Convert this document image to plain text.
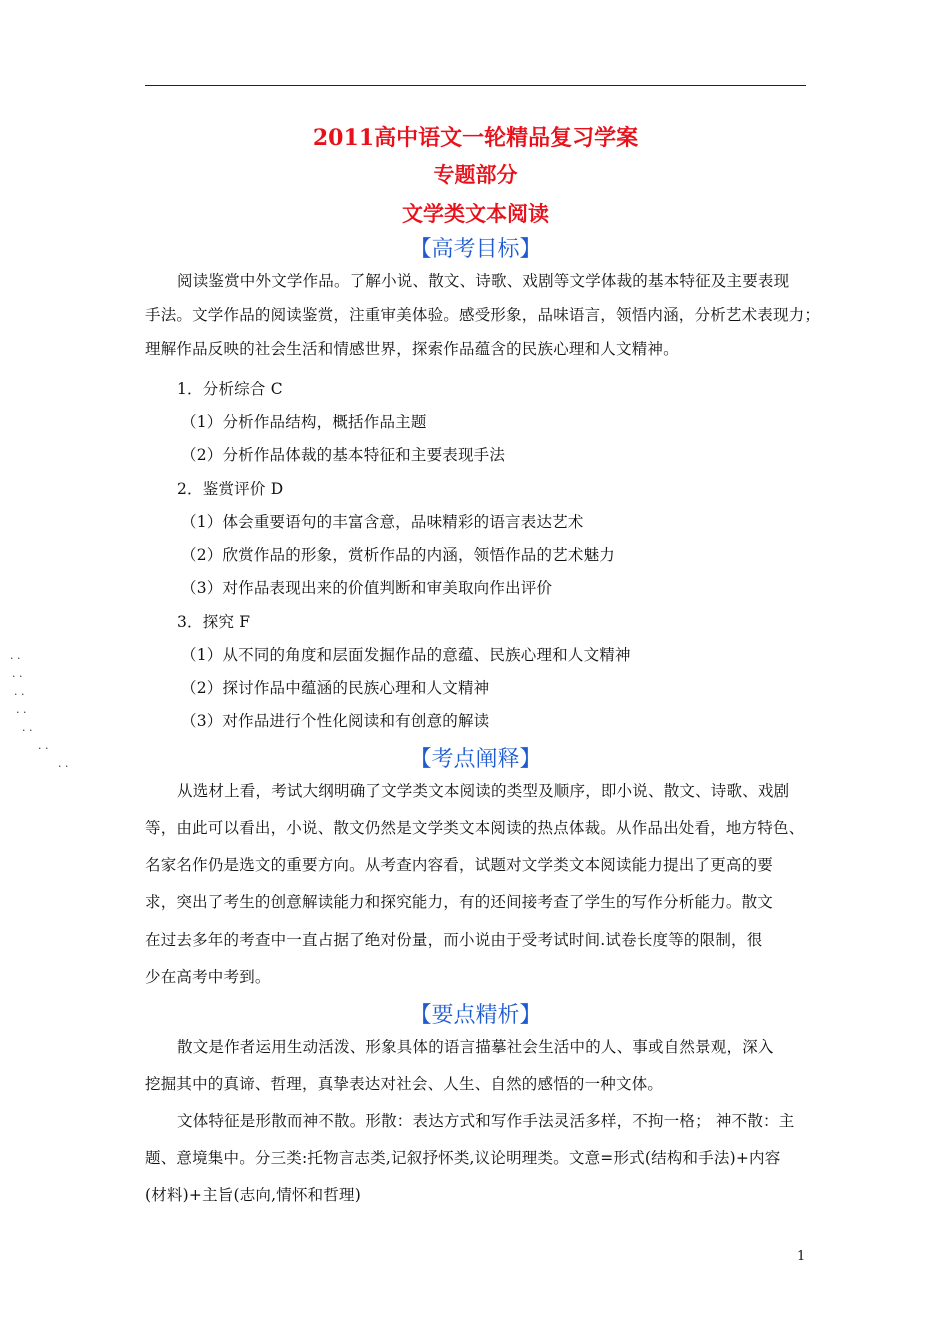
2011高中语文一轮精品复习学案
专题部分
文学类文本阅读
【高考目标】
阅读鉴赏中外文学作品。了解小说、散文、诗歌、戏剧等文学体裁的基本特征及主要表现
手法。文学作品的阅读鉴赏，注重审美体验。感受形象，品味语言，领悟内涵，分析艺术表现力；
理解作品反映的社会生活和情感世界，探索作品蕴含的民族心理和人文精神。
1．分析综合 C
（1）分析作品结构，概括作品主题
（2）分析作品体裁的基本特征和主要表现手法
2．鉴赏评价 D
（1）体会重要语句的丰富含意，品味精彩的语言表达艺术
（2）欣赏作品的形象，赏析作品的内涵，领悟作品的艺术魅力
（3）对作品表现出来的价值判断和审美取向作出评价
3．探究 F
（1）从不同的角度和层面发掘作品的意蕴、民族心理和人文精神
（2）探讨作品中蕴涵的民族心理和人文精神
（3）对作品进行个性化阅读和有创意的解读
【考点阐释】
从选材上看，考试大纲明确了文学类文本阅读的类型及顺序，即小说、散文、诗歌、戏剧
等，由此可以看出，小说、散文仍然是文学类文本阅读的热点体裁。从作品出处看，地方特色、
名家名作仍是选文的重要方向。从考查内容看，试题对文学类文本阅读能力提出了更高的要
求，突出了考生的创意解读能力和探究能力，有的还间接考查了学生的写作分析能力。散文
在过去多年的考查中一直占据了绝对份量，而小说由于受考试时间.试卷长度等的限制，很
少在高考中考到。
【要点精析】
散文是作者运用生动活泼、形象具体的语言描摹社会生活中的人、事或自然景观，深入
挖掘其中的真谛、哲理，真挚表达对社会、人生、自然的感悟的一种文体。
文体特征是形散而神不散。形散：表达方式和写作手法灵活多样，不拘一格； 神不散：主
题、意境集中。分三类:托物言志类,记叙抒怀类,议论明理类。文意=形式(结构和手法)+内容
(材料)+主旨(志向,情怀和哲理)
· ·
· ·
· ·
· ·
· ·
· ·
· ·
1
